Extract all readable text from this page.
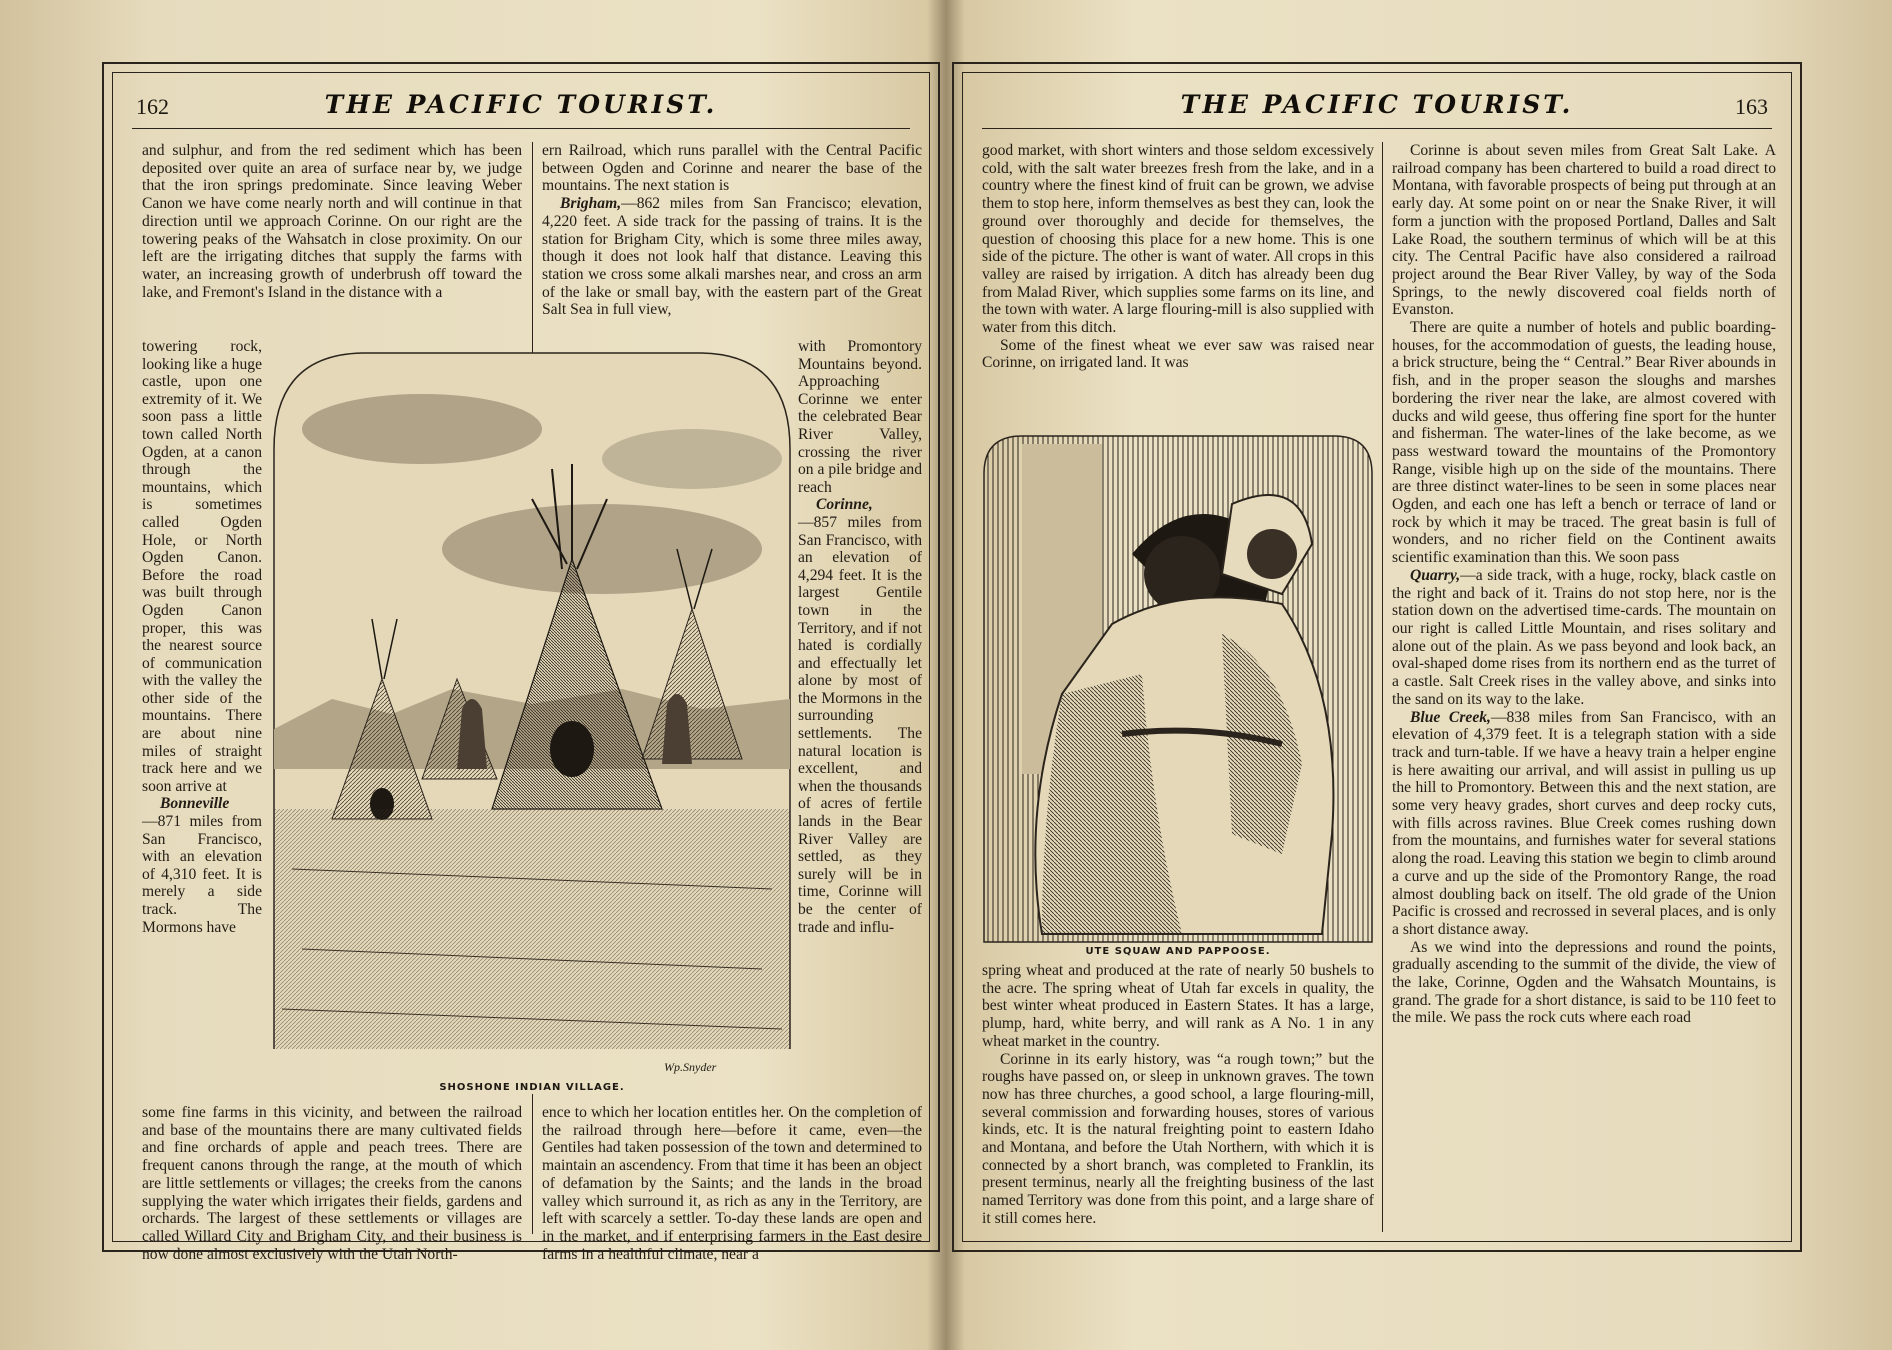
162	THE PACIFIC TOURIST.

and sulphur, and from the red sediment which has been deposited over quite an area of surface near by, we judge that the iron springs predominate. Since leaving Weber Canon we have come nearly north and will continue in that direction until we approach Corinne. On our right are the towering peaks of the Wahsatch in close proximity. On our left are the irrigating ditches that supply the farms with water, an increasing growth of underbrush off toward the lake, and Fremont's Island in the distance with a

towering rock, looking like a huge castle, upon one extremity of it. We soon pass a little town called North Ogden, at a canon through the mountains, which is sometimes called Ogden Hole, or North Ogden Canon. Before the road was built through Ogden Canon proper, this was the nearest source of communication with the valley the other side of the mountains. There are about nine miles of straight track here and we soon arrive at

Bonneville

—871 miles from San Francisco, with an elevation of 4,310 feet. It is merely a side track. The Mormons have

some fine farms in this vicinity, and between the railroad and base of the mountains there are many cultivated fields and fine orchards of apple and peach trees. There are frequent canons through the range, at the mouth of which are little settlements or villages; the creeks from the canons supplying the water which irrigates their fields, gardens and orchards. The largest of these settlements or villages are called Willard City and Brigham City, and their business is now done almost exclusively with the Utah North-

ern Railroad, which runs parallel with the Central Pacific between Ogden and Corinne and nearer the base of the mountains. The next station is

Brigham,—862 miles from San Francisco; elevation, 4,220 feet. A side track for the passing of trains. It is the station for Brigham City, which is some three miles away, though it does not look half that distance. Leaving this station we cross some alkali marshes near, and cross an arm of the lake or small bay, with the eastern part of the Great Salt Sea in full view,

with Promontory Mountains beyond. Approaching Corinne we enter the celebrated Bear River Valley, crossing the river on a pile bridge and reach

Corinne,

—857 miles from San Francisco, with an elevation of 4,294 feet. It is the largest Gentile town in the Territory, and if not hated is cordially and effectually let alone by most of the Mormons in the surrounding settlements. The natural location is excellent, and when the thousands of acres of fertile lands in the Bear River Valley are settled, as they surely will be in time, Corinne will be the center of trade and influ-

ence to which her location entitles her. On the completion of the railroad through here—before it came, even—the Gentiles had taken possession of the town and determined to maintain an ascendency. From that time it has been an object of defamation by the Saints; and the lands in the broad valley which surround it, as rich as any in the Territory, are left with scarcely a settler. To-day these lands are open and in the market, and if enterprising farmers in the East desire farms in a healthful climate, near a

SHOSHONE INDIAN VILLAGE.
Wp.Snyder
THE PACIFIC TOURIST.	163

good market, with short winters and those seldom excessively cold, with the salt water breezes fresh from the lake, and in a country where the finest kind of fruit can be grown, we advise them to stop here, inform themselves as best they can, look the ground over thoroughly and decide for themselves, the question of choosing this place for a new home. This is one side of the picture. The other is want of water. All crops in this valley are raised by irrigation. A ditch has already been dug from Malad River, which supplies some farms on its line, and the town with water. A large flouring-mill is also supplied with water from this ditch.

Some of the finest wheat we ever saw was raised near Corinne, on irrigated land. It was

UTE SQUAW AND PAPPOOSE.

spring wheat and produced at the rate of nearly 50 bushels to the acre. The spring wheat of Utah far excels in quality, the best winter wheat produced in Eastern States. It has a large, plump, hard, white berry, and will rank as A No. 1 in any wheat market in the country.

Corinne in its early history, was “a rough town;” but the roughs have passed on, or sleep in unknown graves. The town now has three churches, a good school, a large flouring-mill, several commission and forwarding houses, stores of various kinds, etc. It is the natural freighting point to eastern Idaho and Montana, and before the Utah Northern, with which it is connected by a short branch, was completed to Franklin, its present terminus, nearly all the freighting business of the last named Territory was done from this point, and a large share of it still comes here.

Corinne is about seven miles from Great Salt Lake. A railroad company has been chartered to build a road direct to Montana, with favorable prospects of being put through at an early day. At some point on or near the Snake River, it will form a junction with the proposed Portland, Dalles and Salt Lake Road, the southern terminus of which will be at this city. The Central Pacific have also considered a railroad project around the Bear River Valley, by way of the Soda Springs, to the newly discovered coal fields north of Evanston.

There are quite a number of hotels and public boarding-houses, for the accommodation of guests, the leading house, a brick structure, being the “ Central.” Bear River abounds in fish, and in the proper season the sloughs and marshes bordering the river near the lake, are almost covered with ducks and wild geese, thus offering fine sport for the hunter and fisherman. The water-lines of the lake become, as we pass westward toward the mountains of the Promontory Range, visible high up on the side of the mountains. There are three distinct water-lines to be seen in some places near Ogden, and each one has left a bench or terrace of land or rock by which it may be traced. The great basin is full of wonders, and no richer field on the Continent awaits scientific examination than this. We soon pass

Quarry,—a side track, with a huge, rocky, black castle on the right and back of it. Trains do not stop here, nor is the station down on the advertised time-cards. The mountain on our right is called Little Mountain, and rises solitary and alone out of the plain. As we pass beyond and look back, an oval-shaped dome rises from its northern end as the turret of a castle. Salt Creek rises in the valley above, and sinks into the sand on its way to the lake.

Blue Creek,—838 miles from San Francisco, with an elevation of 4,379 feet. It is a telegraph station with a side track and turn-table. If we have a heavy train a helper engine is here awaiting our arrival, and will assist in pulling us up the hill to Promontory. Between this and the next station, are some very heavy grades, short curves and deep rocky cuts, with fills across ravines. Blue Creek comes rushing down from the mountains, and furnishes water for several stations along the road. Leaving this station we begin to climb around a curve and up the side of the Promontory Range, the road almost doubling back on itself. The old grade of the Union Pacific is crossed and recrossed in several places, and is only a short distance away.

As we wind into the depressions and round the points, gradually ascending to the summit of the divide, the view of the lake, Corinne, Ogden and the Wahsatch Mountains, is grand. The grade for a short distance, is said to be 110 feet to the mile. We pass the rock cuts where each road
